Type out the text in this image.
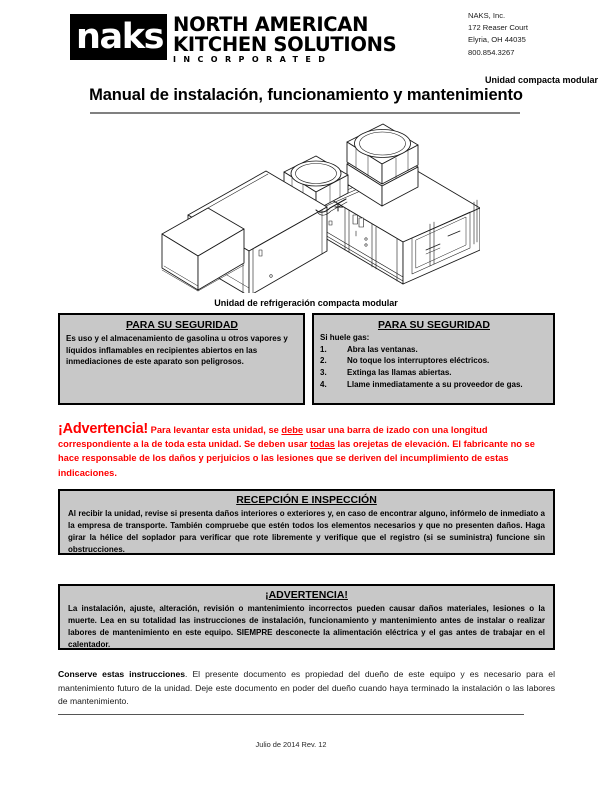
naks NORTH AMERICAN
KITCHEN SOLUTIONS
INCORPORATED
NAKS, Inc.
172 Reaser Court
Elyria, OH 44035
800.854.3267
Unidad compacta modular
Manual de instalación, funcionamiento y mantenimiento
Unidad de refrigeración compacta modular
PARA SU SEGURIDAD
Es uso y el almacenamiento de gasolina u otros vapores y líquidos inflamables en recipientes abiertos en las inmediaciones de este aparato son peligrosos.
PARA SU SEGURIDAD
Si huele gas:
1.	Abra las ventanas.
2.	No toque los interruptores eléctricos.
3.	Extinga las llamas abiertas.
4.	Llame inmediatamente a su proveedor de gas.
¡Advertencia! Para levantar esta unidad, se debe usar una barra de izado con una longitud correspondiente a la de toda esta unidad. Se deben usar todas las orejetas de elevación. El fabricante no se hace responsable de los daños y perjuicios o las lesiones que se deriven del incumplimiento de estas indicaciones.
RECEPCIÓN E INSPECCIÓN
Al recibir la unidad, revise si presenta daños interiores o exteriores y, en caso de encontrar alguno, infórmelo de inmediato a la empresa de transporte. También compruebe que estén todos los elementos necesarios y que no presenten daños. Haga girar la hélice del soplador para verificar que rote libremente y verifique que el registro (si se suministra) funcione sin obstrucciones.
¡ADVERTENCIA!
La instalación, ajuste, alteración, revisión o mantenimiento incorrectos pueden causar daños materiales, lesiones o la muerte. Lea en su totalidad las instrucciones de instalación, funcionamiento y mantenimiento antes de instalar o realizar labores de mantenimiento en este equipo. SIEMPRE desconecte la alimentación eléctrica y el gas antes de trabajar en el calentador.
Conserve estas instrucciones. El presente documento es propiedad del dueño de este equipo y es necesario para el mantenimiento futuro de la unidad. Deje este documento en poder del dueño cuando haya terminado la instalación o las labores de mantenimiento.
Julio de 2014 Rev. 12
